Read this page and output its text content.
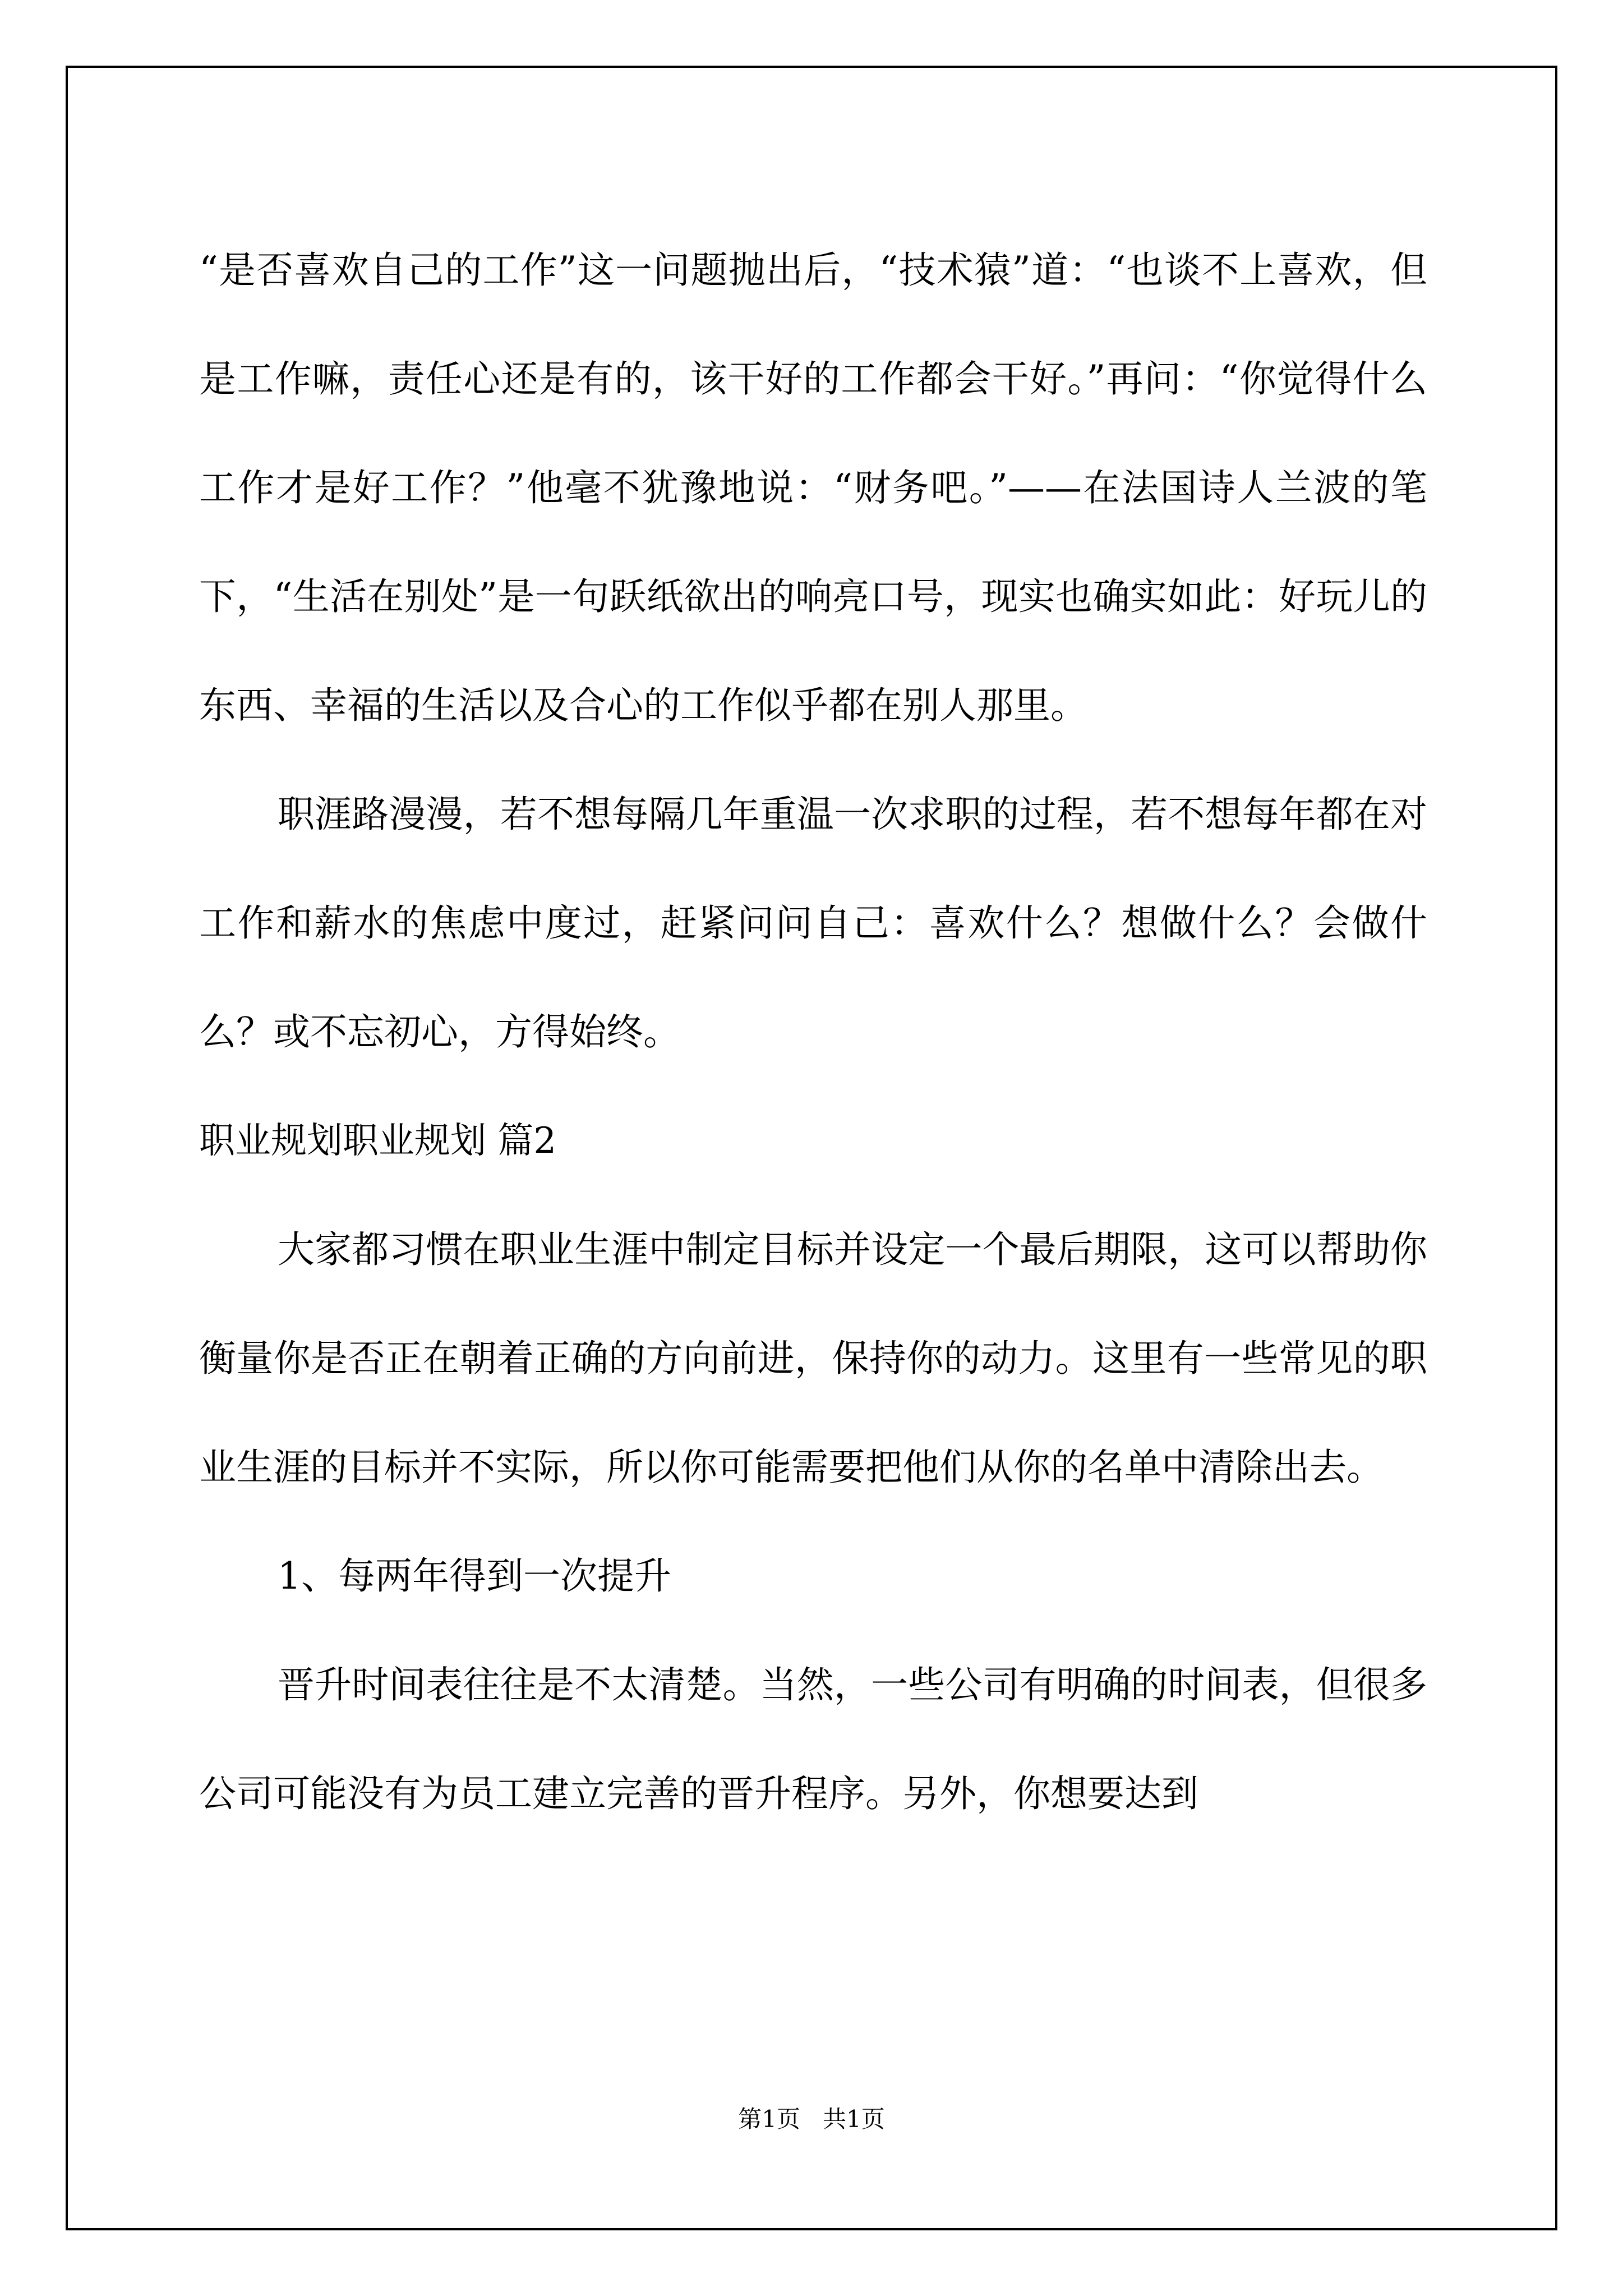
“是否喜欢自己的工作”这一问题抛出后，“技术猿”道：“也谈不上喜欢，但是工作嘛，责任心还是有的，该干好的工作都会干好。”再问：“你觉得什么工作才是好工作？”他毫不犹豫地说：“财务吧。”——在法国诗人兰波的笔下，“生活在别处”是一句跃纸欲出的响亮口号，现实也确实如此：好玩儿的东西、幸福的生活以及合心的工作似乎都在别人那里。

职涯路漫漫，若不想每隔几年重温一次求职的过程，若不想每年都在对工作和薪水的焦虑中度过，赶紧问问自己：喜欢什么？想做什么？会做什么？或不忘初心，方得始终。

职业规划职业规划 篇2

大家都习惯在职业生涯中制定目标并设定一个最后期限，这可以帮助你衡量你是否正在朝着正确的方向前进，保持你的动力。这里有一些常见的职业生涯的目标并不实际，所以你可能需要把他们从你的名单中清除出去。

1、每两年得到一次提升

晋升时间表往往是不太清楚。当然，一些公司有明确的时间表，但很多公司可能没有为员工建立完善的晋升程序。另外，你想要达到

第1页 共1页
